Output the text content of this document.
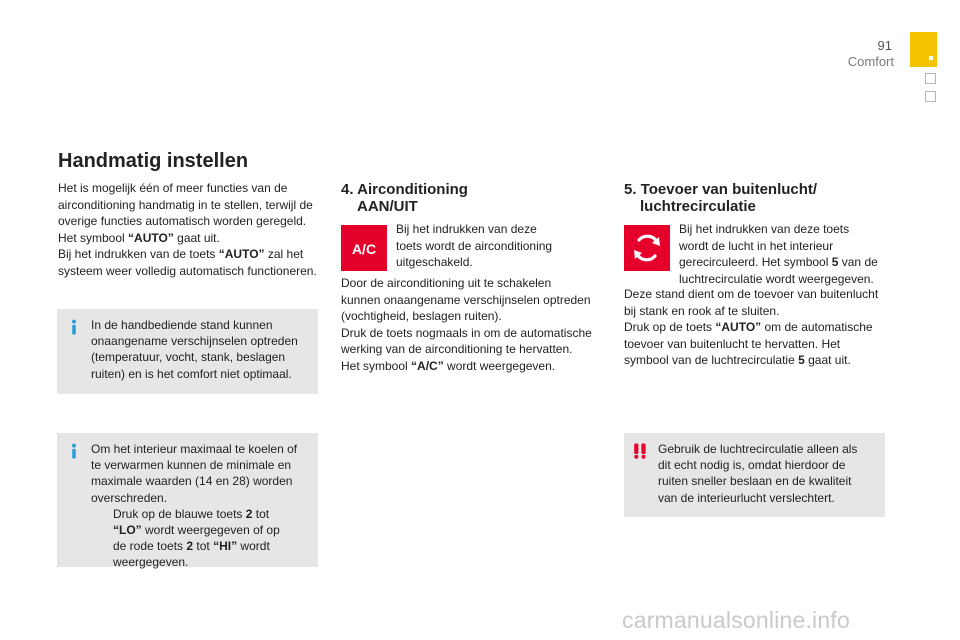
91
Comfort
Handmatig instellen
Het is mogelijk één of meer functies van de
airconditioning handmatig in te stellen, terwijl de
overige functies automatisch worden geregeld.
Het symbool “AUTO” gaat uit.
Bij het indrukken van de toets “AUTO” zal het
systeem weer volledig automatisch functioneren.
In de handbediende stand kunnen
onaangename verschijnselen optreden
(temperatuur, vocht, stank, beslagen
ruiten) en is het comfort niet optimaal.
Om het interieur maximaal te koelen of
te verwarmen kunnen de minimale en
maximale waarden (14 en 28) worden
overschreden.
Druk op de blauwe toets 2 tot
“LO” wordt weergegeven of op
de rode toets 2 tot “HI” wordt
weergegeven.
4. Airconditioning
AAN/UIT
A/C
Bij het indrukken van deze
toets wordt de airconditioning
uitgeschakeld.
Door de airconditioning uit te schakelen
kunnen onaangename verschijnselen optreden
(vochtigheid, beslagen ruiten).
Druk de toets nogmaals in om de automatische
werking van de airconditioning te hervatten.
Het symbool “A/C” wordt weergegeven.
5. Toevoer van buitenlucht/
luchtrecirculatie
Bij het indrukken van deze toets
wordt de lucht in het interieur
gerecirculeerd. Het symbool 5 van de
luchtrecirculatie wordt weergegeven.
Deze stand dient om de toevoer van buitenlucht
bij stank en rook af te sluiten.
Druk op de toets “AUTO” om de automatische
toevoer van buitenlucht te hervatten. Het
symbool van de luchtrecirculatie 5 gaat uit.
Gebruik de luchtrecirculatie alleen als
dit echt nodig is, omdat hierdoor de
ruiten sneller beslaan en de kwaliteit
van de interieurlucht verslechtert.
carmanualsonline.info
